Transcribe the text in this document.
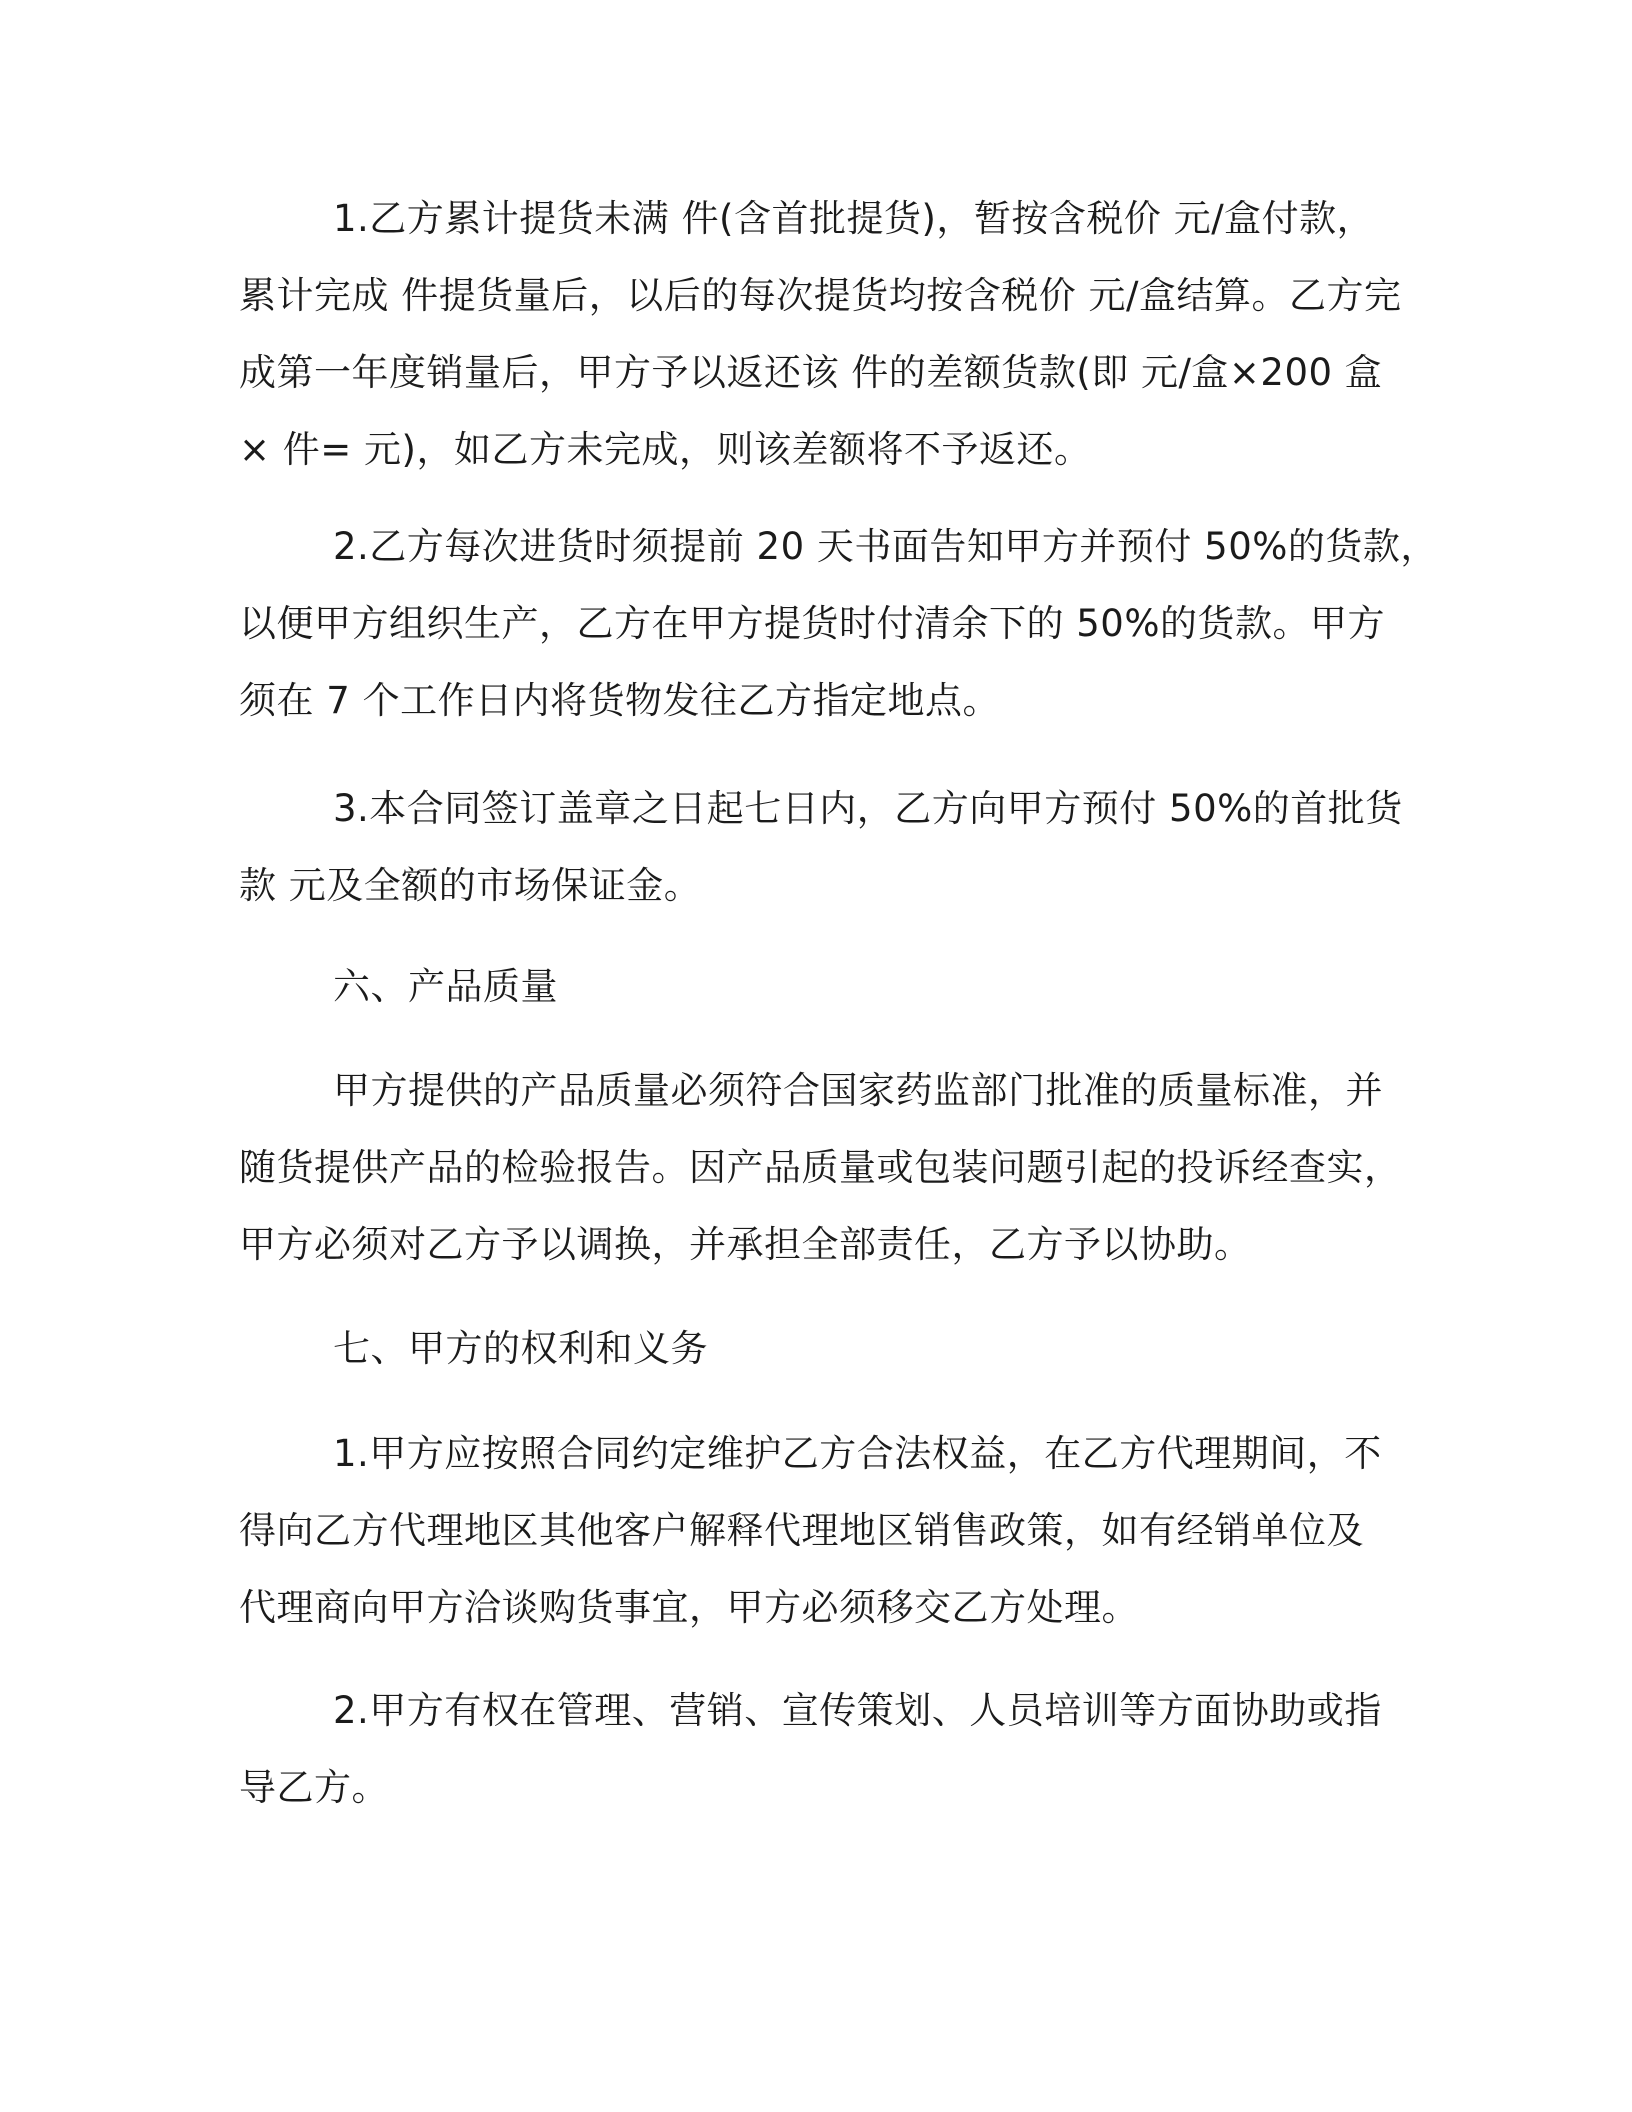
1.乙方累计提货未满 件(含首批提货)，暂按含税价 元/盒付款，
累计完成 件提货量后，以后的每次提货均按含税价 元/盒结算。乙方完
成第一年度销量后，甲方予以返还该 件的差额货款(即 元/盒×200 盒
× 件= 元)，如乙方未完成，则该差额将不予返还。
2.乙方每次进货时须提前 20 天书面告知甲方并预付 50%的货款，
以便甲方组织生产，乙方在甲方提货时付清余下的 50%的货款。甲方
须在 7 个工作日内将货物发往乙方指定地点。
3.本合同签订盖章之日起七日内，乙方向甲方预付 50%的首批货
款 元及全额的市场保证金。
六、产品质量
甲方提供的产品质量必须符合国家药监部门批准的质量标准，并
随货提供产品的检验报告。因产品质量或包装问题引起的投诉经查实，
甲方必须对乙方予以调换，并承担全部责任，乙方予以协助。
七、甲方的权利和义务
1.甲方应按照合同约定维护乙方合法权益，在乙方代理期间，不
得向乙方代理地区其他客户解释代理地区销售政策，如有经销单位及
代理商向甲方洽谈购货事宜，甲方必须移交乙方处理。
2.甲方有权在管理、营销、宣传策划、人员培训等方面协助或指
导乙方。
